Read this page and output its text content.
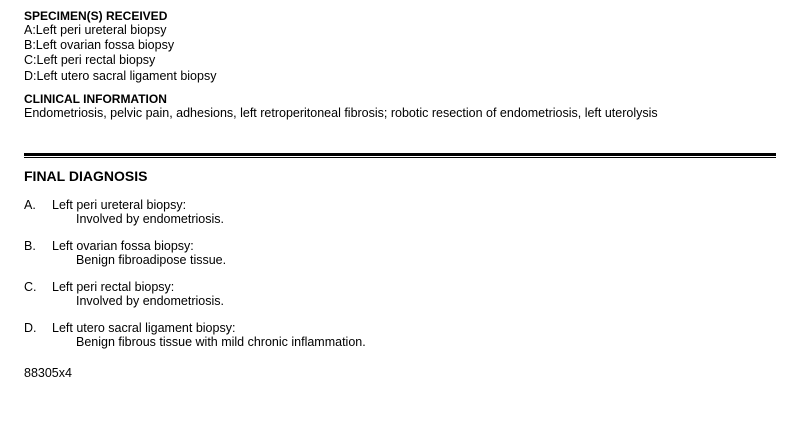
SPECIMEN(S) RECEIVED
A:Left peri ureteral biopsy
B:Left ovarian fossa biopsy
C:Left peri rectal biopsy
D:Left utero sacral ligament biopsy
CLINICAL INFORMATION
Endometriosis, pelvic pain, adhesions, left retroperitoneal fibrosis; robotic resection of endometriosis, left uterolysis
FINAL DIAGNOSIS
A.	Left peri ureteral biopsy:
Involved by endometriosis.
B.	Left ovarian fossa biopsy:
Benign fibroadipose tissue.
C.	Left peri rectal biopsy:
Involved by endometriosis.
D.	Left utero sacral ligament biopsy:
Benign fibrous tissue with mild chronic inflammation.
88305x4
